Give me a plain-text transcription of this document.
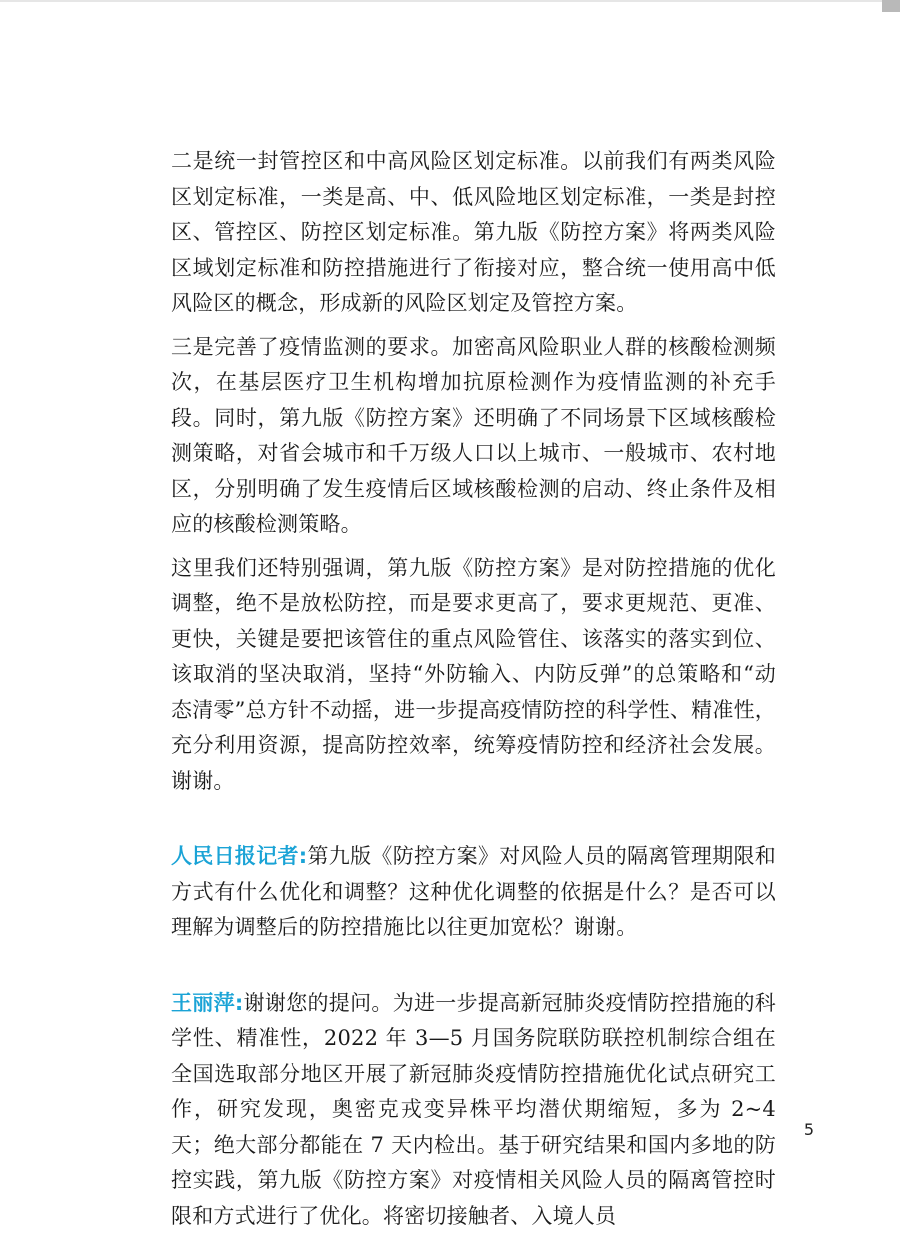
二是统一封管控区和中高风险区划定标准。以前我们有两类风险区划定标准，一类是高、中、低风险地区划定标准，一类是封控区、管控区、防控区划定标准。第九版《防控方案》将两类风险区域划定标准和防控措施进行了衔接对应，整合统一使用高中低风险区的概念，形成新的风险区划定及管控方案。

三是完善了疫情监测的要求。加密高风险职业人群的核酸检测频次，在基层医疗卫生机构增加抗原检测作为疫情监测的补充手段。同时，第九版《防控方案》还明确了不同场景下区域核酸检测策略，对省会城市和千万级人口以上城市、一般城市、农村地区，分别明确了发生疫情后区域核酸检测的启动、终止条件及相应的核酸检测策略。

这里我们还特别强调，第九版《防控方案》是对防控措施的优化调整，绝不是放松防控，而是要求更高了，要求更规范、更准、更快，关键是要把该管住的重点风险管住、该落实的落实到位、该取消的坚决取消，坚持“外防输入、内防反弹”的总策略和“动态清零”总方针不动摇，进一步提高疫情防控的科学性、精准性，充分利用资源，提高防控效率，统筹疫情防控和经济社会发展。谢谢。

人民日报记者:第九版《防控方案》对风险人员的隔离管理期限和方式有什么优化和调整？这种优化调整的依据是什么？是否可以理解为调整后的防控措施比以往更加宽松？谢谢。

王丽萍:谢谢您的提问。为进一步提高新冠肺炎疫情防控措施的科学性、精准性，2022 年 3—5 月国务院联防联控机制综合组在全国选取部分地区开展了新冠肺炎疫情防控措施优化试点研究工作，研究发现，奥密克戎变异株平均潜伏期缩短，多为 2~4 天；绝大部分都能在 7 天内检出。基于研究结果和国内多地的防控实践，第九版《防控方案》对疫情相关风险人员的隔离管控时限和方式进行了优化。将密切接触者、入境人员

5
